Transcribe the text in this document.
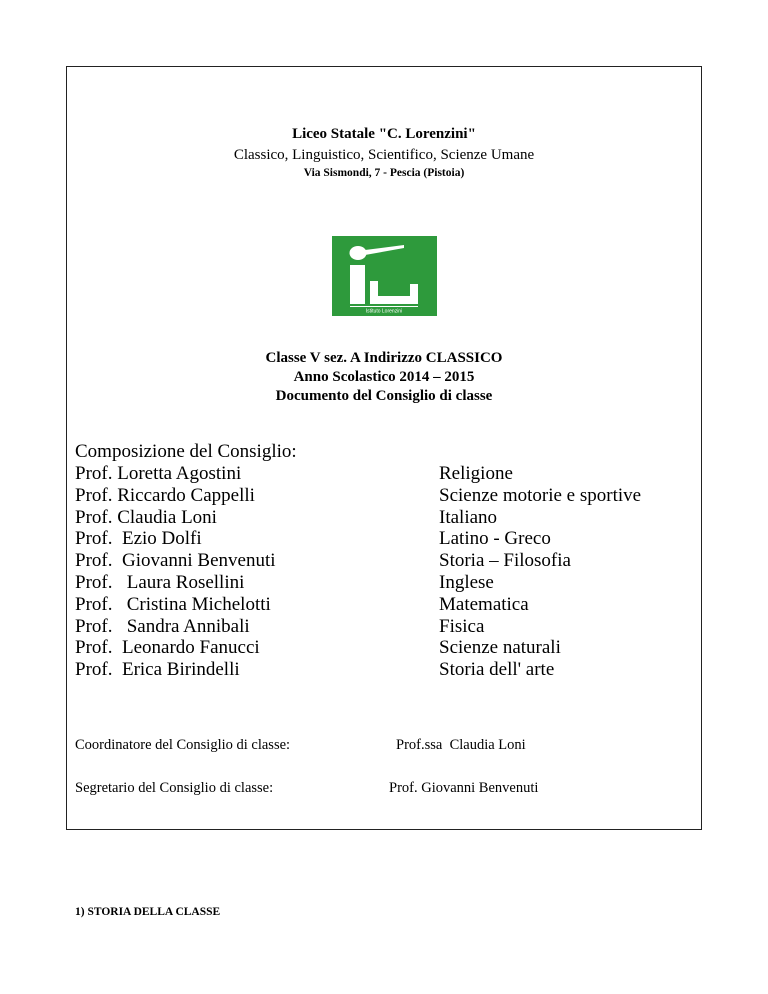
Liceo Statale "C. Lorenzini"
Classico, Linguistico, Scientifico, Scienze Umane
Via Sismondi, 7 - Pescia (Pistoia)
Istituto Lorenzini
Classe V sez. A Indirizzo CLASSICO
Anno Scolastico 2014 – 2015
Documento del Consiglio di classe
Composizione del Consiglio:
Prof. Loretta Agostini
Prof. Riccardo Cappelli
Prof. Claudia Loni
Prof.  Ezio Dolfi
Prof.  Giovanni Benvenuti
Prof.   Laura Rosellini
Prof.   Cristina Michelotti
Prof.   Sandra Annibali
Prof.  Leonardo Fanucci
Prof.  Erica Birindelli
Religione
Scienze motorie e sportive
Italiano
Latino - Greco
Storia – Filosofia
Inglese
Matematica
Fisica
Scienze naturali
Storia dell' arte
Coordinatore del Consiglio di classe:	Prof.ssa  Claudia Loni
Segretario del Consiglio di classe:	Prof. Giovanni Benvenuti
1) STORIA DELLA CLASSE
